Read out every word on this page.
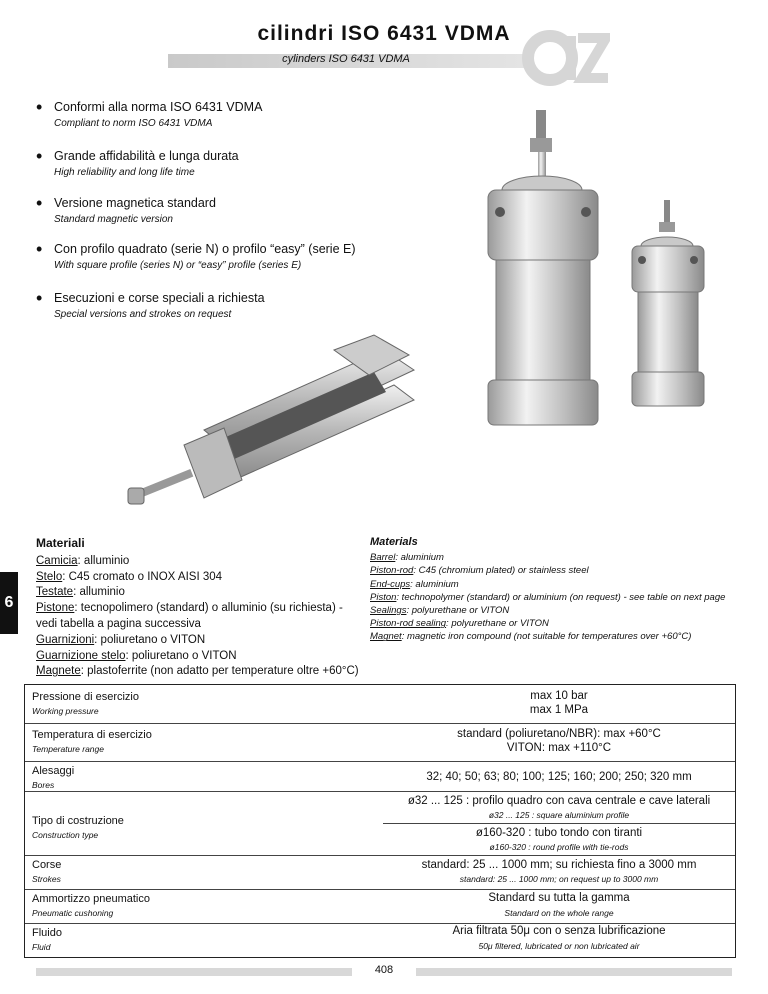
cilindri ISO 6431 VDMA
cylinders ISO 6431 VDMA
• Conformi alla norma ISO 6431 VDMA
Compliant to norm ISO 6431 VDMA
• Grande affidabilità e lunga durata
High reliability and long life time
• Versione magnetica standard
Standard magnetic version
• Con profilo quadrato (serie N) o profilo “easy” (serie E)
With square profile (series N) or “easy” profile (series E)
• Esecuzioni e corse speciali a richiesta
Special versions and strokes on request
6
Materiali
Camicia: alluminio
Stelo: C45 cromato o INOX AISI 304
Testate: alluminio
Pistone: tecnopolimero (standard) o alluminio (su richiesta) - vedi tabella a pagina successiva
Guarnizioni: poliuretano o VITON
Guarnizione stelo: poliuretano o VITON
Magnete: plastoferrite (non adatto per temperature oltre +60°C)
Materials
Barrel: aluminium
Piston-rod: C45 (chromium plated) or stainless steel
End-cups: aluminium
Piston: technopolymer (standard) or aluminium (on request) - see table on next page
Sealings: polyurethane or VITON
Piston-rod sealing: polyurethane or VITON
Magnet: magnetic iron compound (not suitable for temperatures over +60°C)
Pressione di esercizio
Working pressure
max 10 bar
max 1 MPa
Temperatura di esercizio
Temperature range
standard (poliuretano/NBR): max +60°C
VITON: max +110°C
Alesaggi
Bores
32; 40; 50; 63; 80; 100; 125; 160; 200; 250; 320 mm
Tipo di costruzione
Construction type
ø32 ... 125 : profilo quadro con cava centrale e cave laterali
ø32 ... 125 : square aluminium profile
ø160-320 : tubo tondo con tiranti
ø160-320 : round profile with tie-rods
Corse
Strokes
standard: 25 ... 1000 mm; su richiesta fino a 3000 mm
standard: 25 ... 1000 mm; on request up to 3000 mm
Ammortizzo pneumatico
Pneumatic cushoning
Standard su tutta la gamma
Standard on the whole range
Fluido
Fluid
Aria filtrata 50μ con o senza lubrificazione
50μ filtered, lubricated or non lubricated air
408
